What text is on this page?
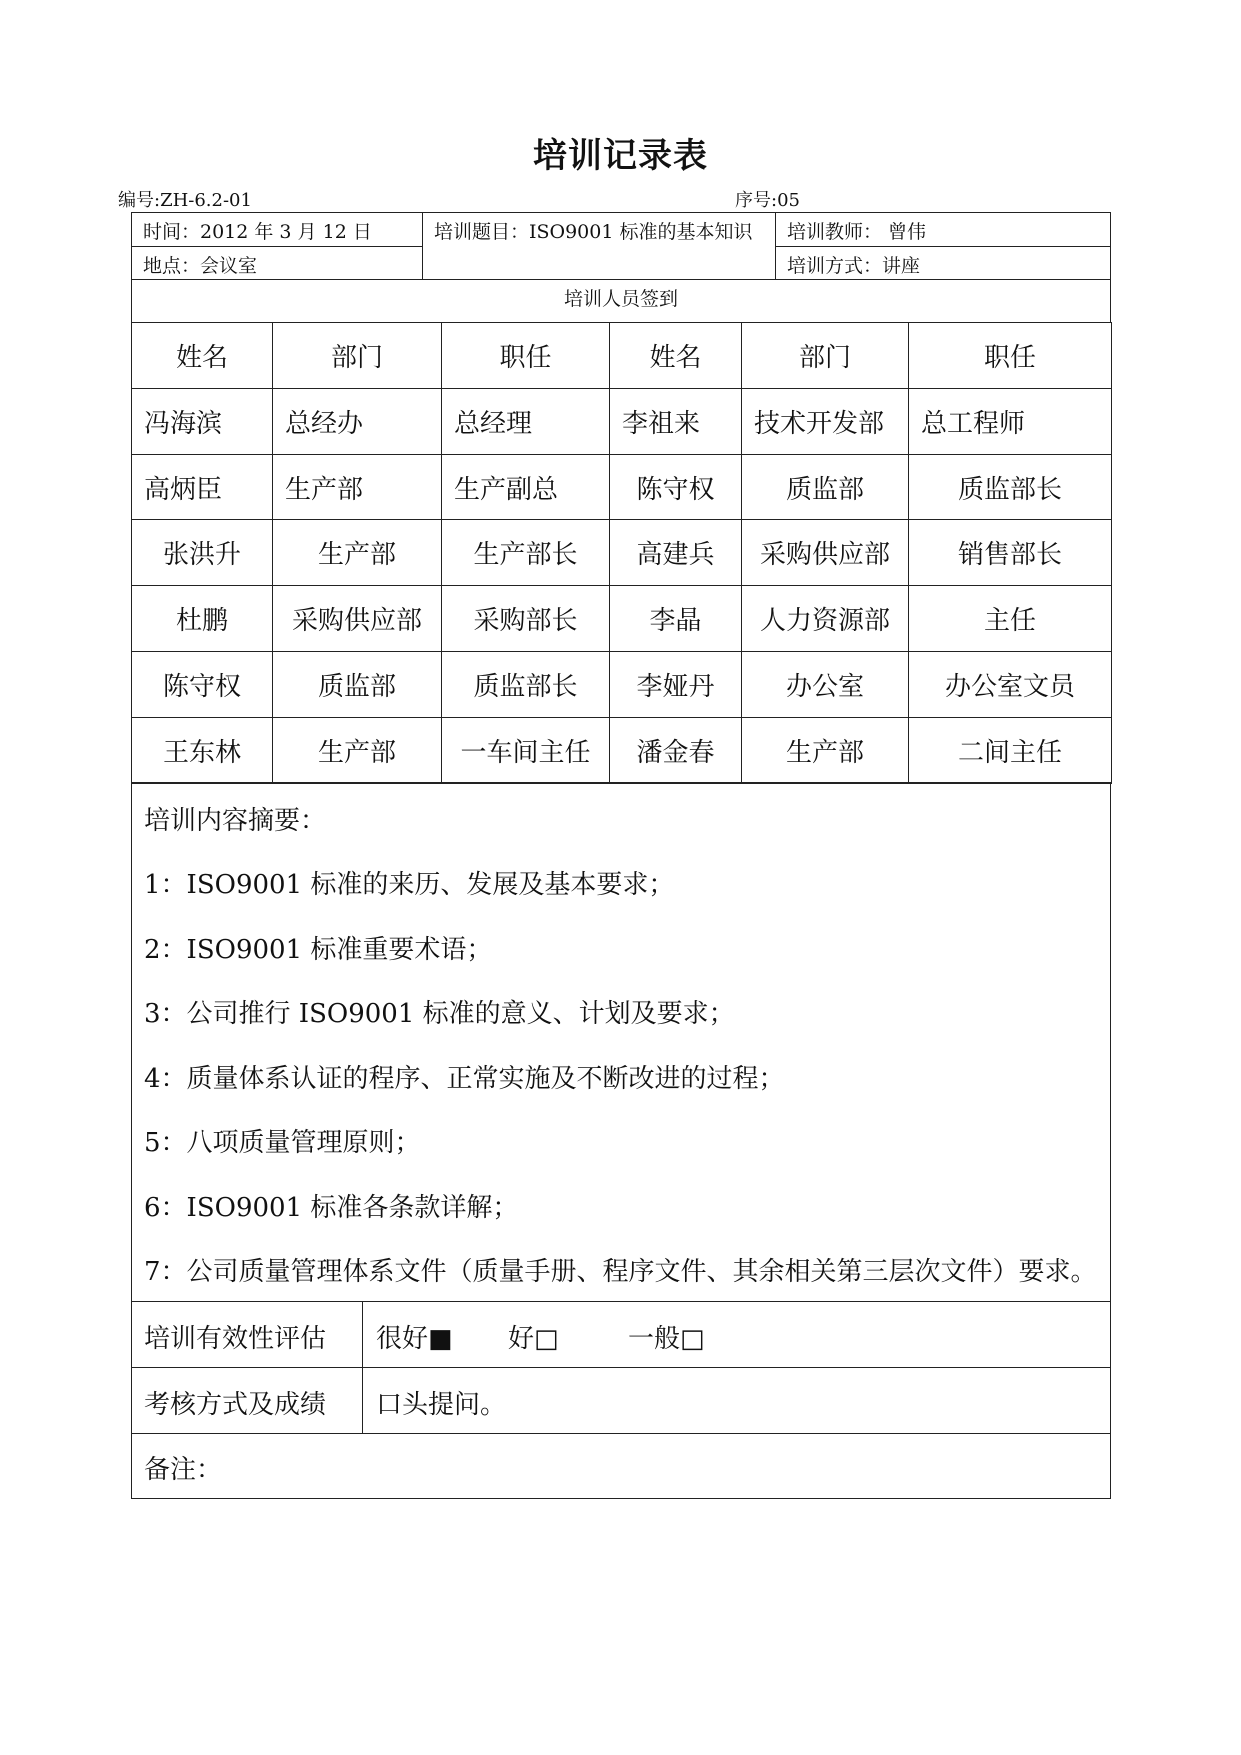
培训记录表
编号:ZH-6.2-01	序号:05
时间：2012 年 3 月 12 日	培训题目：ISO9001 标准的基本知识 培训教师： 曾伟
地点：会议室	培训方式：讲座
培训人员签到
姓名	部门	职任	姓名	部门	职任
冯海滨	总经办	总经理	李祖来	技术开发部	总工程师
高炳臣	生产部	生产副总	陈守权	质监部	质监部长
张洪升	生产部	生产部长	高建兵	采购供应部	销售部长
杜鹏	采购供应部	采购部长	李晶	人力资源部	主任
陈守权	质监部	质监部长	李娅丹	办公室	办公室文员
王东林	生产部	一车间主任	潘金春	生产部	二间主任
培训内容摘要：
1：ISO9001 标准的来历、发展及基本要求；
2：ISO9001 标准重要术语；
3：公司推行 ISO9001 标准的意义、计划及要求；
4：质量体系认证的程序、正常实施及不断改进的过程；
5：八项质量管理原则；
6：ISO9001 标准各条款详解；
7：公司质量管理体系文件（质量手册、程序文件、其余相关第三层次文件）要求。
培训有效性评估 很好■ 好□	一般□
考核方式及成绩 口头提问。
备注：
